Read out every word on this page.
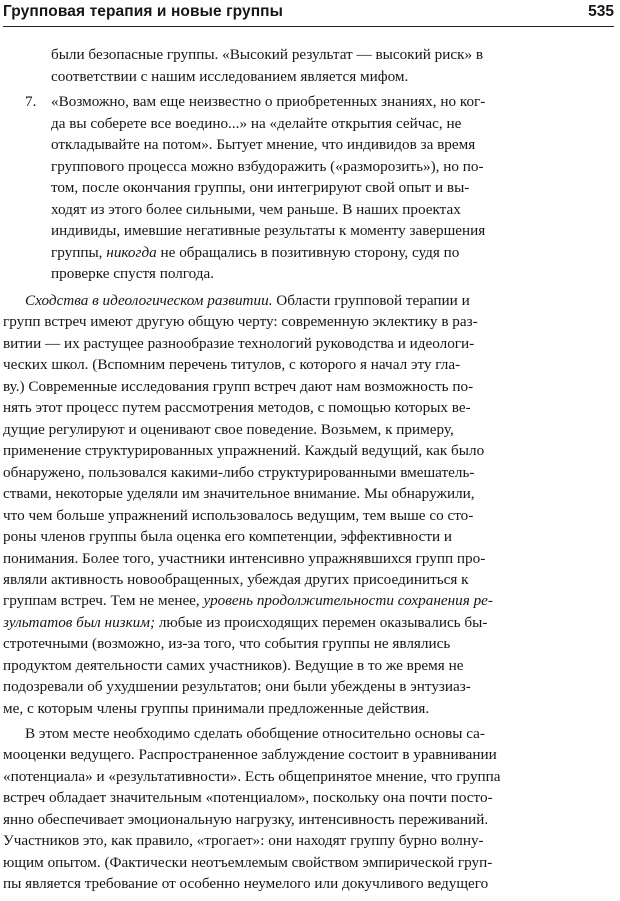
Групповая терапия и новые группы	535
были безопасные группы. «Высокий результат — высокий риск» в
соответствии с нашим исследованием является мифом.
7. «Возможно, вам еще неизвестно о приобретенных знаниях, но ког-
да вы соберете все воедино...» на «делайте открытия сейчас, не
откладывайте на потом». Бытует мнение, что индивидов за время
группового процесса можно взбудоражить («разморозить»), но по-
том, после окончания группы, они интегрируют свой опыт и вы-
ходят из этого более сильными, чем раньше. В наших проектах
индивиды, имевшие негативные результаты к моменту завершения
группы, никогда не обращались в позитивную сторону, судя по
проверке спустя полгода.
Сходства в идеологическом развитии. Области групповой терапии и
групп встреч имеют другую общую черту: современную эклектику в раз-
витии — их растущее разнообразие технологий руководства и идеологи-
ческих школ. (Вспомним перечень титулов, с которого я начал эту гла-
ву.) Современные исследования групп встреч дают нам возможность по-
нять этот процесс путем рассмотрения методов, с помощью которых ве-
дущие регулируют и оценивают свое поведение. Возьмем, к примеру,
применение структурированных упражнений. Каждый ведущий, как было
обнаружено, пользовался какими-либо структурированными вмешатель-
ствами, некоторые уделяли им значительное внимание. Мы обнаружили,
что чем больше упражнений использовалось ведущим, тем выше со сто-
роны членов группы была оценка его компетенции, эффективности и
понимания. Более того, участники интенсивно упражнявшихся групп про-
являли активность новообращенных, убеждая других присоединиться к
группам встреч. Тем не менее, уровень продолжительности сохранения ре-
зультатов был низким; любые из происходящих перемен оказывались бы-
стротечными (возможно, из-за того, что события группы не являлись
продуктом деятельности самих участников). Ведущие в то же время не
подозревали об ухудшении результатов; они были убеждены в энтузиаз-
ме, с которым члены группы принимали предложенные действия.
В этом месте необходимо сделать обобщение относительно основы са-
мооценки ведущего. Распространенное заблуждение состоит в уравнивании
«потенциала» и «результативности». Есть общепринятое мнение, что группа
встреч обладает значительным «потенциалом», поскольку она почти посто-
янно обеспечивает эмоциональную нагрузку, интенсивность переживаний.
Участников это, как правило, «трогает»: они находят группу бурно волну-
ющим опытом. (Фактически неотъемлемым свойством эмпирической груп-
пы является требование от особенно неумелого или докучливого ведущего
